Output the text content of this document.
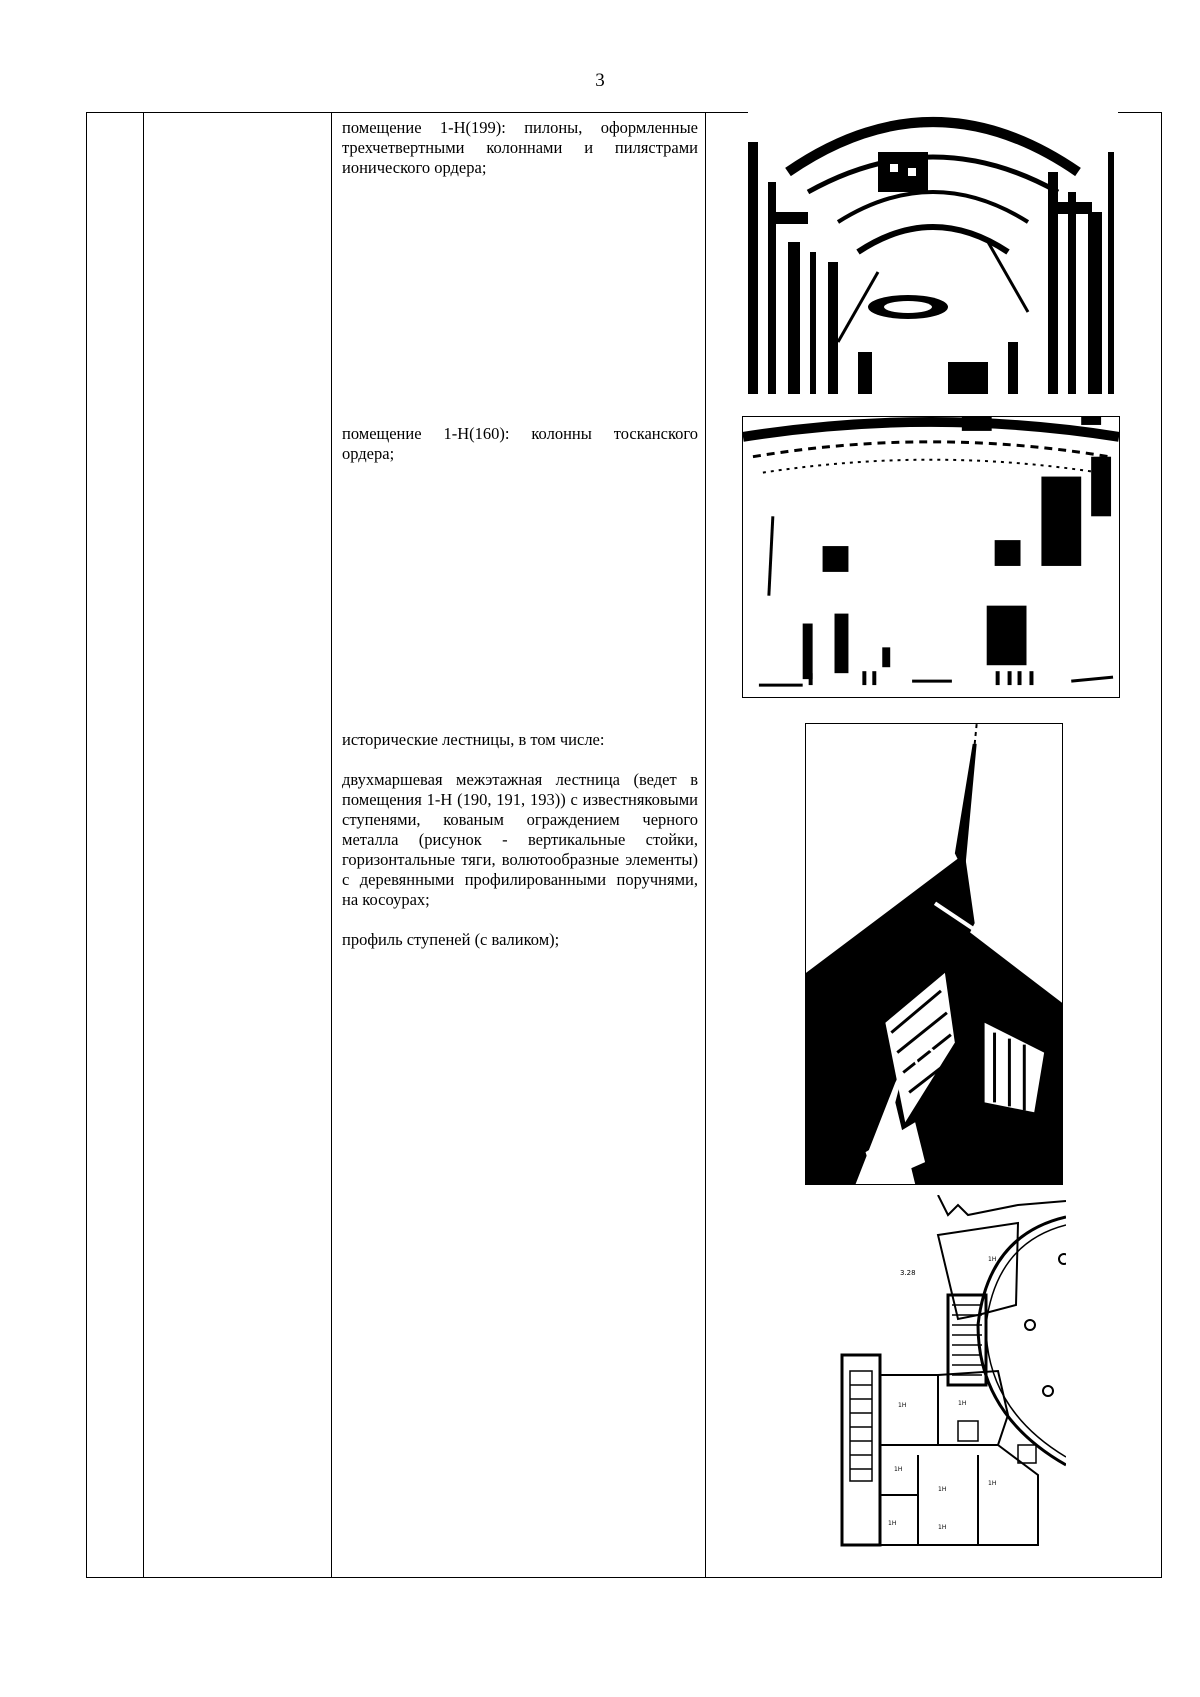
3

помещение 1-Н(199): пилоны, оформленные трехчетвертными колоннами и пилястрами ионического ордера;

помещение 1-Н(160): колонны тосканского ордера;

исторические лестницы, в том числе:

двухмаршевая межэтажная лестница (ведет в помещения 1-Н (190, 191, 193)) с известняковыми ступенями, кованым ограждением черного металла (рисунок - вертикальные стойки, горизонтальные тяги, волютообразные элементы) с деревянными профилированными поручнями, на косоурах;

профиль ступеней (с валиком);

3.28
1H
1H	1H
1H
1H
1H
1H
1H
